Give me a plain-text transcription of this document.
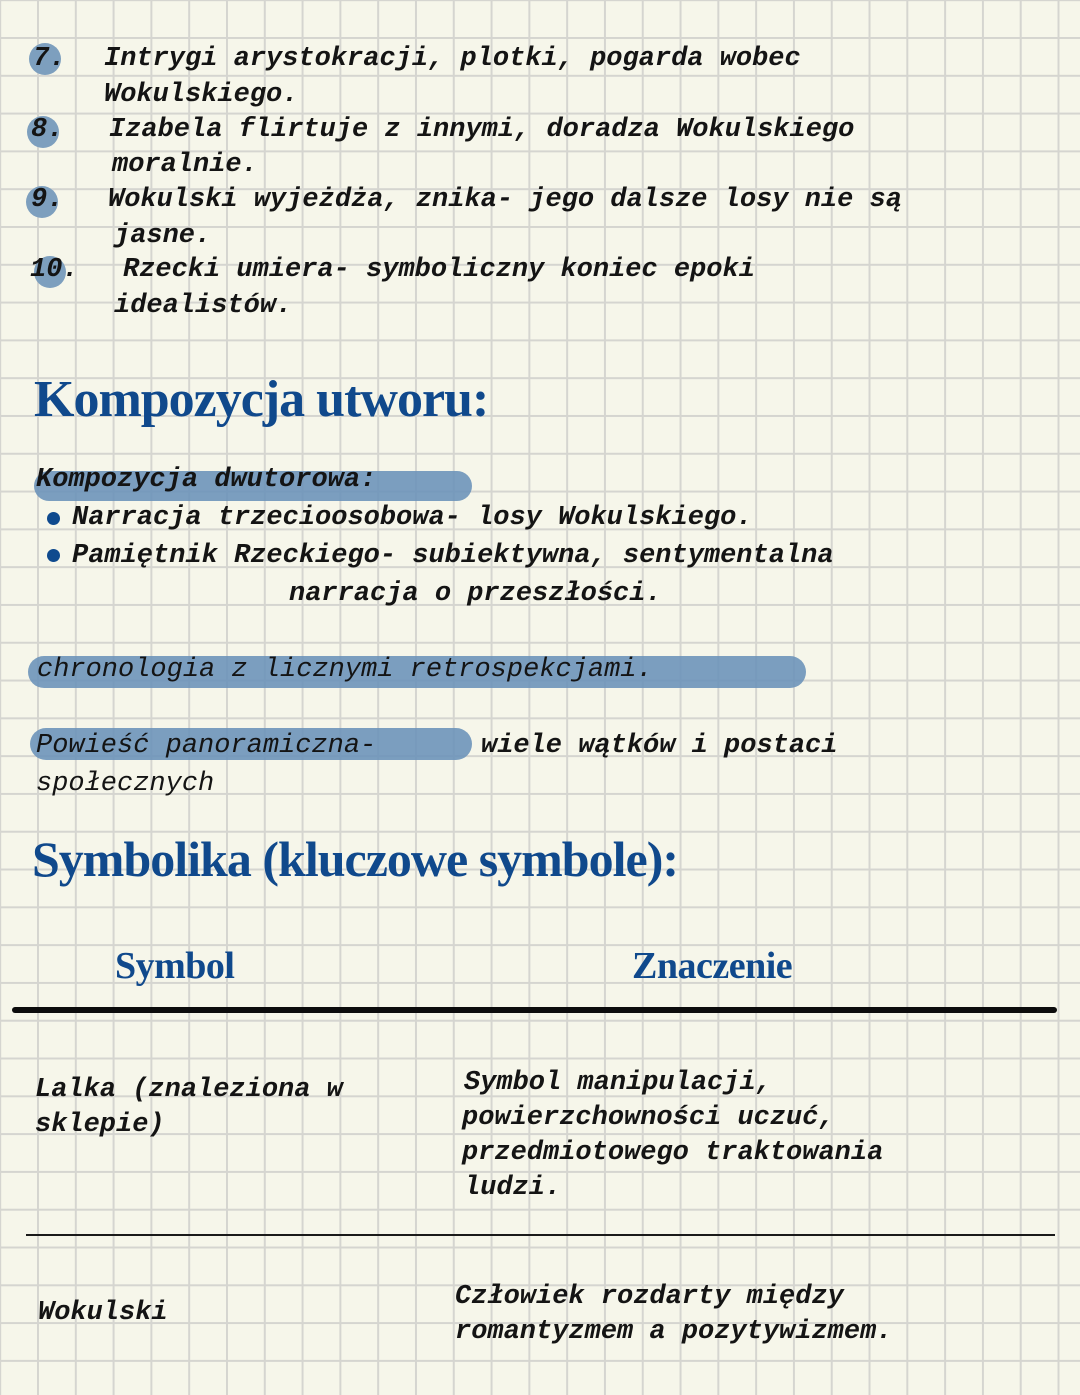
7. Intrygi arystokracji, plotki, pogarda wobec
Wokulskiego.
8. Izabela flirtuje z innymi, doradza Wokulskiego
moralnie.
9. Wokulski wyjeżdża, znika- jego dalsze losy nie są
jasne.
10. Rzecki umiera- symboliczny koniec epoki
idealistów.
Kompozycja utworu:
Kompozycja dwutorowa:
Narracja trzecioosobowa- losy Wokulskiego.
Pamiętnik Rzeckiego- subiektywna, sentymentalna
narracja o przeszłości.
chronologia z licznymi retrospekcjami.
Powieść panoramiczna-	wiele wątków i postaci
społecznych
Symbolika (kluczowe symbole):
Symbol	Znaczenie
Lalka (znaleziona w
sklepie)
Symbol manipulacji,
powierzchowności uczuć,
przedmiotowego traktowania
ludzi.
Wokulski
Człowiek rozdarty między
romantyzmem a pozytywizmem.
